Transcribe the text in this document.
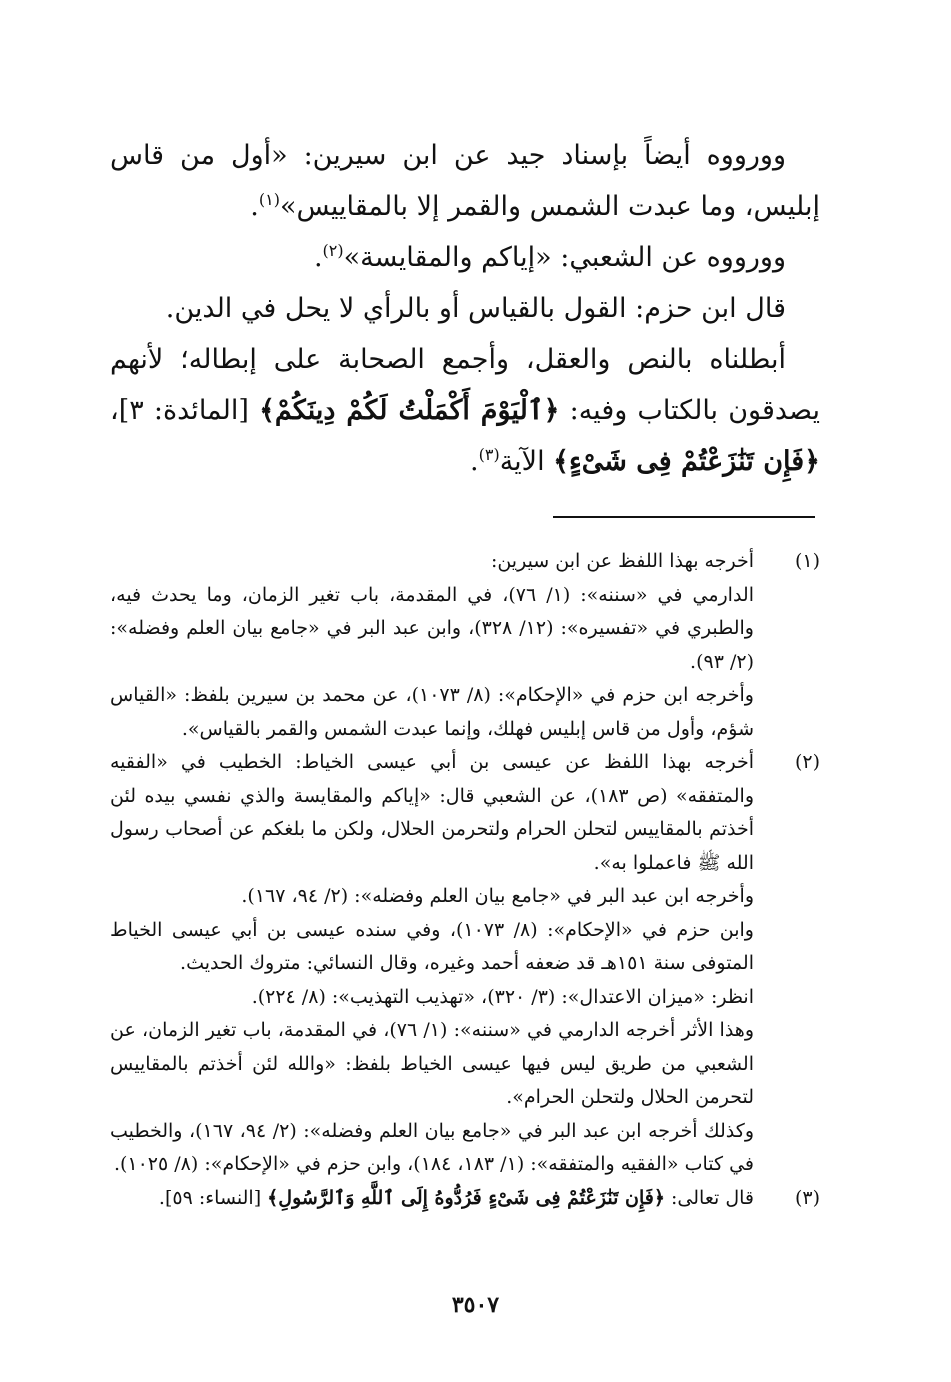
وورووه أيضاً بإسناد جيد عن ابن سيرين: «أول من قاس إبليس، وما عبدت الشمس والقمر إلا بالمقاييس»$^{(١)}$.

وورووه عن الشعبي: «إياكم والمقايسة»$^{(٢)}$.

قال ابن حزم: القول بالقياس أو بالرأي لا يحل في الدين.

أبطلناه بالنص والعقل، وأجمع الصحابة على إبطاله؛ لأنهم يصدقون بالكتاب وفيه: ﴿ٱلْيَوْمَ أَكْمَلْتُ لَكُمْ دِينَكُمْ﴾ [المائدة: ٣]، ﴿فَإِن تَنَٰزَعْتُمْ فِى شَىْءٍ﴾ الآية$^{(٣)}$.

(١)

أخرجه بهذا اللفظ عن ابن سيرين:

الدارمي في «سننه»: (١/ ٧٦)، في المقدمة، باب تغير الزمان، وما يحدث فيه، والطبري في «تفسيره»: (١٢/ ٣٢٨)، وابن عبد البر في «جامع بيان العلم وفضله»: (٢/ ٩٣).

وأخرجه ابن حزم في «الإحكام»: (٨/ ١٠٧٣)، عن محمد بن سيرين بلفظ: «القياس شؤم، وأول من قاس إبليس فهلك، وإنما عبدت الشمس والقمر بالقياس».

(٢)

أخرجه بهذا اللفظ عن عيسى بن أبي عيسى الخياط: الخطيب في «الفقيه والمتفقه» (ص ١٨٣)، عن الشعبي قال: «إياكم والمقايسة والذي نفسي بيده لئن أخذتم بالمقاييس لتحلن الحرام ولتحرمن الحلال، ولكن ما بلغكم عن أصحاب رسول الله ﷺ فاعملوا به».

وأخرجه ابن عبد البر في «جامع بيان العلم وفضله»: (٢/ ٩٤، ١٦٧).

وابن حزم في «الإحكام»: (٨/ ١٠٧٣)، وفي سنده عيسى بن أبي عيسى الخياط المتوفى سنة ١٥١هـ قد ضعفه أحمد وغيره، وقال النسائي: متروك الحديث.

انظر: «ميزان الاعتدال»: (٣/ ٣٢٠)، «تهذيب التهذيب»: (٨/ ٢٢٤).

وهذا الأثر أخرجه الدارمي في «سننه»: (١/ ٧٦)، في المقدمة، باب تغير الزمان، عن الشعبي من طريق ليس فيها عيسى الخياط بلفظ: «والله لئن أخذتم بالمقاييس لتحرمن الحلال ولتحلن الحرام».

وكذلك أخرجه ابن عبد البر في «جامع بيان العلم وفضله»: (٢/ ٩٤، ١٦٧)، والخطيب في كتاب «الفقيه والمتفقه»: (١/ ١٨٣، ١٨٤)، وابن حزم في «الإحكام»: (٨/ ١٠٢٥).

(٣)

قال تعالى: ﴿فَإِن تَنَٰزَعْتُمْ فِى شَىْءٍ فَرُدُّوهُ إِلَى ٱللَّهِ وَٱلرَّسُولِ﴾ [النساء: ٥٩].

٣٥٠٧
